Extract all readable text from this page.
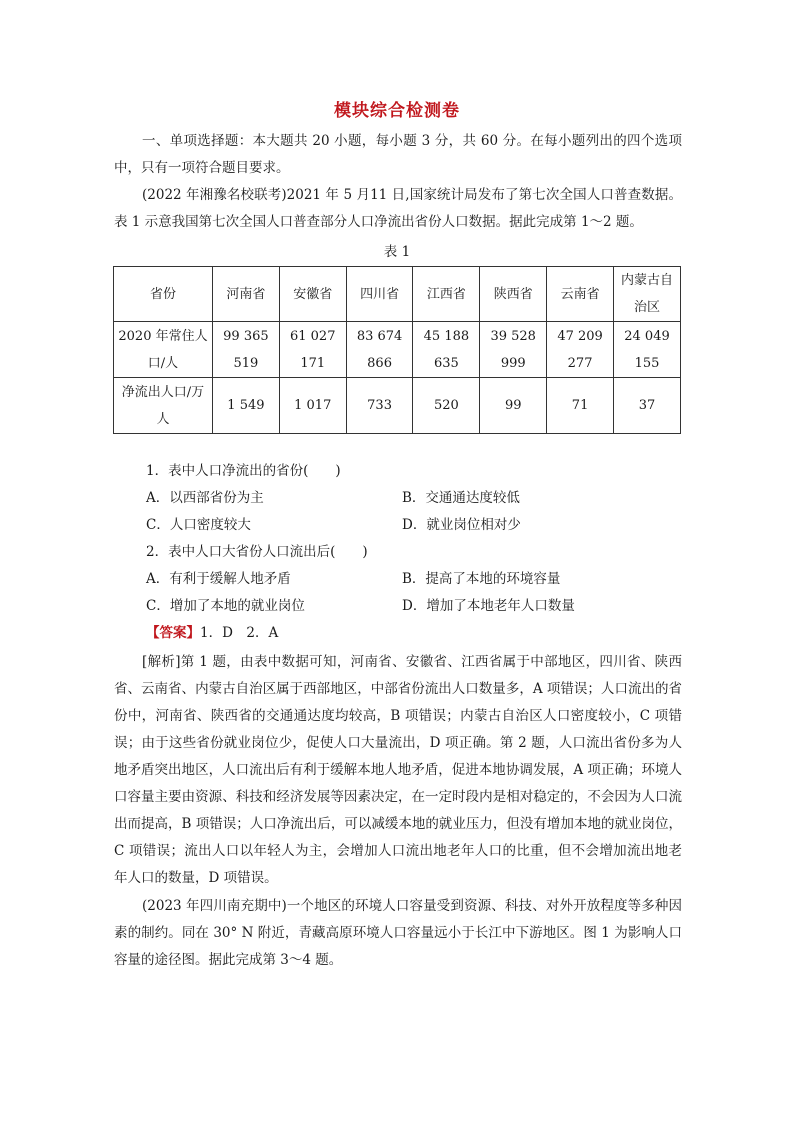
模块综合检测卷

一、单项选择题：本大题共 20 小题，每小题 3 分，共 60 分。在每小题列出的四个选项中，只有一项符合题目要求。

(2022 年湘豫名校联考)2021 年 5 月11 日,国家统计局发布了第七次全国人口普查数据。表 1 示意我国第七次全国人口普查部分人口净流出省份人口数据。据此完成第 1～2 题。

表 1
省份	河南省	安徽省	四川省	江西省	陕西省	云南省	内蒙古自治区
2020 年常住人口/人	99 365 519	61 027 171	83 674 866	45 188 635	39 528 999	47 209 277	24 049 155
净流出人口/万人	1 549	1 017	733	520	99	71	37
1．表中人口净流出的省份(　　)
A．以西部省份为主	B．交通通达度较低
C．人口密度较大	D．就业岗位相对少
2．表中人口大省份人口流出后(　　)
A．有利于缓解人地矛盾	B．提高了本地的环境容量
C．增加了本地的就业岗位	D．增加了本地老年人口数量
【答案】1．D　2．A

[解析]第 1 题，由表中数据可知，河南省、安徽省、江西省属于中部地区，四川省、陕西省、云南省、内蒙古自治区属于西部地区，中部省份流出人口数量多，A 项错误；人口流出的省份中，河南省、陕西省的交通通达度均较高，B 项错误；内蒙古自治区人口密度较小，C 项错误；由于这些省份就业岗位少，促使人口大量流出，D 项正确。第 2 题，人口流出省份多为人地矛盾突出地区，人口流出后有利于缓解本地人地矛盾，促进本地协调发展，A 项正确；环境人口容量主要由资源、科技和经济发展等因素决定，在一定时段内是相对稳定的，不会因为人口流出而提高，B 项错误；人口净流出后，可以减缓本地的就业压力，但没有增加本地的就业岗位，C 项错误；流出人口以年轻人为主，会增加人口流出地老年人口的比重，但不会增加流出地老年人口的数量，D 项错误。

(2023 年四川南充期中)一个地区的环境人口容量受到资源、科技、对外开放程度等多种因素的制约。同在 30° N 附近，青藏高原环境人口容量远小于长江中下游地区。图 1 为影响人口容量的途径图。据此完成第 3～4 题。
